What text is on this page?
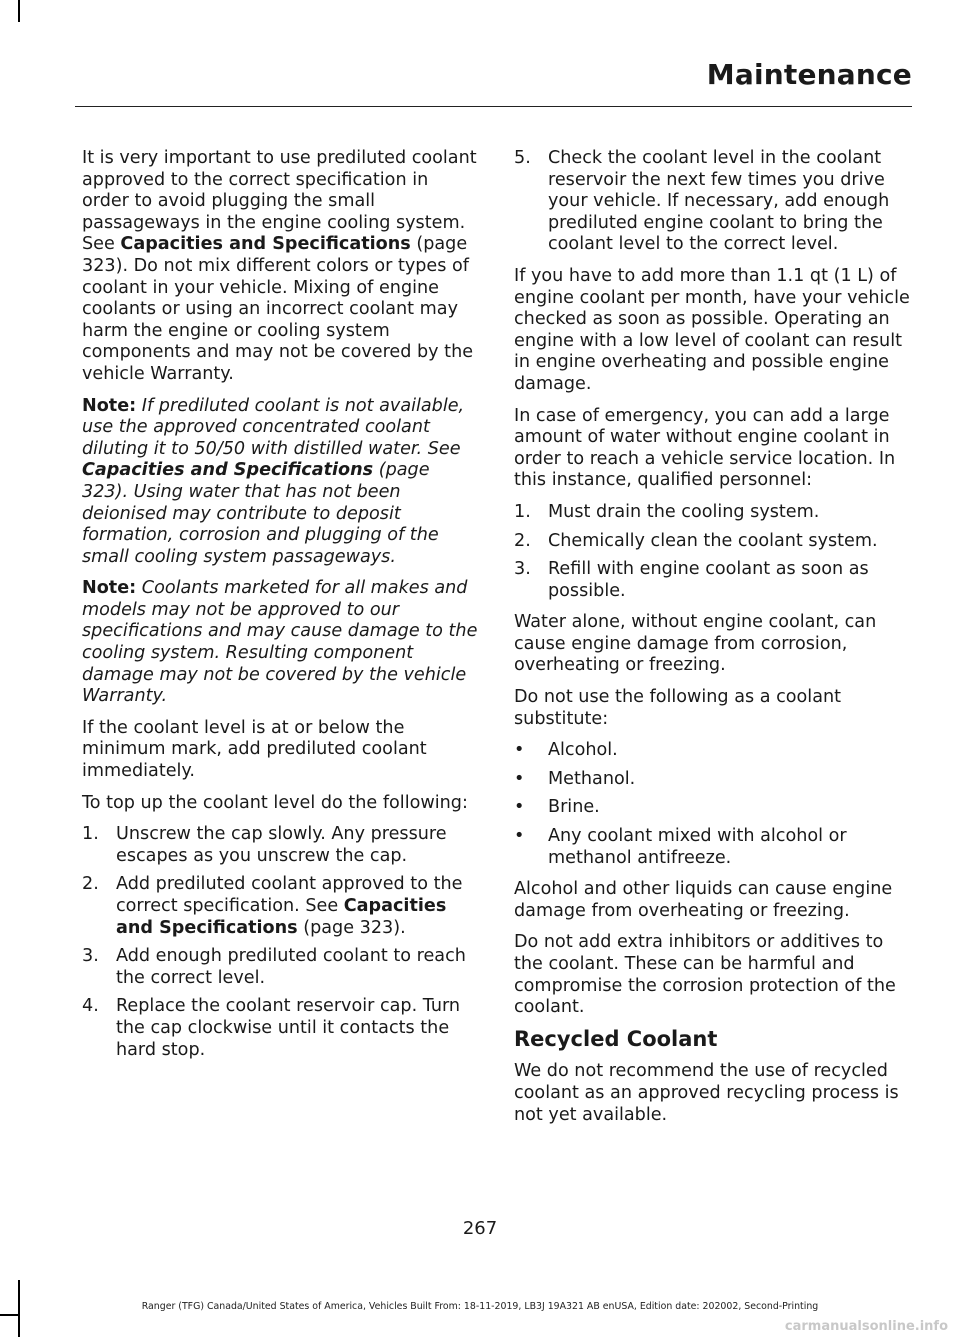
Maintenance

It is very important to use prediluted coolant approved to the correct specification in order to avoid plugging the small passageways in the engine cooling system. See Capacities and Specifications (page 323). Do not mix different colors or types of coolant in your vehicle. Mixing of engine coolants or using an incorrect coolant may harm the engine or cooling system components and may not be covered by the vehicle Warranty.

Note: If prediluted coolant is not available, use the approved concentrated coolant diluting it to 50/50 with distilled water. See Capacities and Specifications (page 323). Using water that has not been deionised may contribute to deposit formation, corrosion and plugging of the small cooling system passageways.

Note: Coolants marketed for all makes and models may not be approved to our specifications and may cause damage to the cooling system. Resulting component damage may not be covered by the vehicle Warranty.

If the coolant level is at or below the minimum mark, add prediluted coolant immediately.

To top up the coolant level do the following:

1. Unscrew the cap slowly. Any pressure escapes as you unscrew the cap.
2. Add prediluted coolant approved to the correct specification. See Capacities and Specifications (page 323).
3. Add enough prediluted coolant to reach the correct level.
4. Replace the coolant reservoir cap. Turn the cap clockwise until it contacts the hard stop.
5. Check the coolant level in the coolant reservoir the next few times you drive your vehicle. If necessary, add enough prediluted engine coolant to bring the coolant level to the correct level.

If you have to add more than 1.1 qt (1 L) of engine coolant per month, have your vehicle checked as soon as possible. Operating an engine with a low level of coolant can result in engine overheating and possible engine damage.

In case of emergency, you can add a large amount of water without engine coolant in order to reach a vehicle service location. In this instance, qualified personnel:

1. Must drain the cooling system.
2. Chemically clean the coolant system.
3. Refill with engine coolant as soon as possible.

Water alone, without engine coolant, can cause engine damage from corrosion, overheating or freezing.

Do not use the following as a coolant substitute:

• Alcohol.
• Methanol.
• Brine.
• Any coolant mixed with alcohol or methanol antifreeze.

Alcohol and other liquids can cause engine damage from overheating or freezing.

Do not add extra inhibitors or additives to the coolant. These can be harmful and compromise the corrosion protection of the coolant.

Recycled Coolant

We do not recommend the use of recycled coolant as an approved recycling process is not yet available.

267
Ranger (TFG) Canada/United States of America, Vehicles Built From: 18-11-2019, LB3J 19A321 AB enUSA, Edition date: 202002, Second-Printing
carmanualsonline.info
